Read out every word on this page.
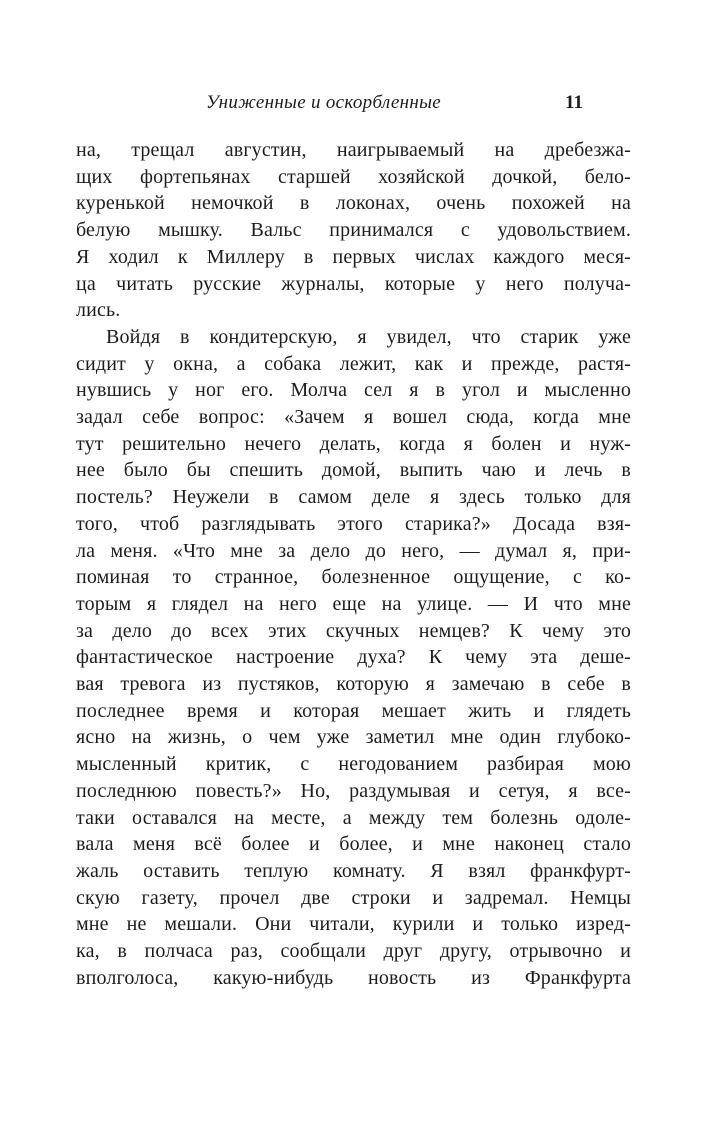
Униженные и оскорбленные	11
на, трещал августин, наигрываемый на дребезжа-
щих фортепьянах старшей хозяйской дочкой, бело-
куренькой немочкой в локонах, очень похожей на
белую мышку. Вальс принимался с удовольствием.
Я ходил к Миллеру в первых числах каждого меся-
ца читать русские журналы, которые у него получа-
лись.
Войдя в кондитерскую, я увидел, что старик уже
сидит у окна, а собака лежит, как и прежде, растя-
нувшись у ног его. Молча сел я в угол и мысленно
задал себе вопрос: «Зачем я вошел сюда, когда мне
тут решительно нечего делать, когда я болен и нуж-
нее было бы спешить домой, выпить чаю и лечь в
постель? Неужели в самом деле я здесь только для
того, чтоб разглядывать этого старика?» Досада взя-
ла меня. «Что мне за дело до него, — думал я, при-
поминая то странное, болезненное ощущение, с ко-
торым я глядел на него еще на улице. — И что мне
за дело до всех этих скучных немцев? К чему это
фантастическое настроение духа? К чему эта деше-
вая тревога из пустяков, которую я замечаю в себе в
последнее время и которая мешает жить и глядеть
ясно на жизнь, о чем уже заметил мне один глубоко-
мысленный критик, с негодованием разбирая мою
последнюю повесть?» Но, раздумывая и сетуя, я все-
таки оставался на месте, а между тем болезнь одоле-
вала меня всё более и более, и мне наконец стало
жаль оставить теплую комнату. Я взял франкфурт-
скую газету, прочел две строки и задремал. Немцы
мне не мешали. Они читали, курили и только изред-
ка, в полчаса раз, сообщали друг другу, отрывочно и
вполголоса, какую-нибудь новость из Франкфурта
